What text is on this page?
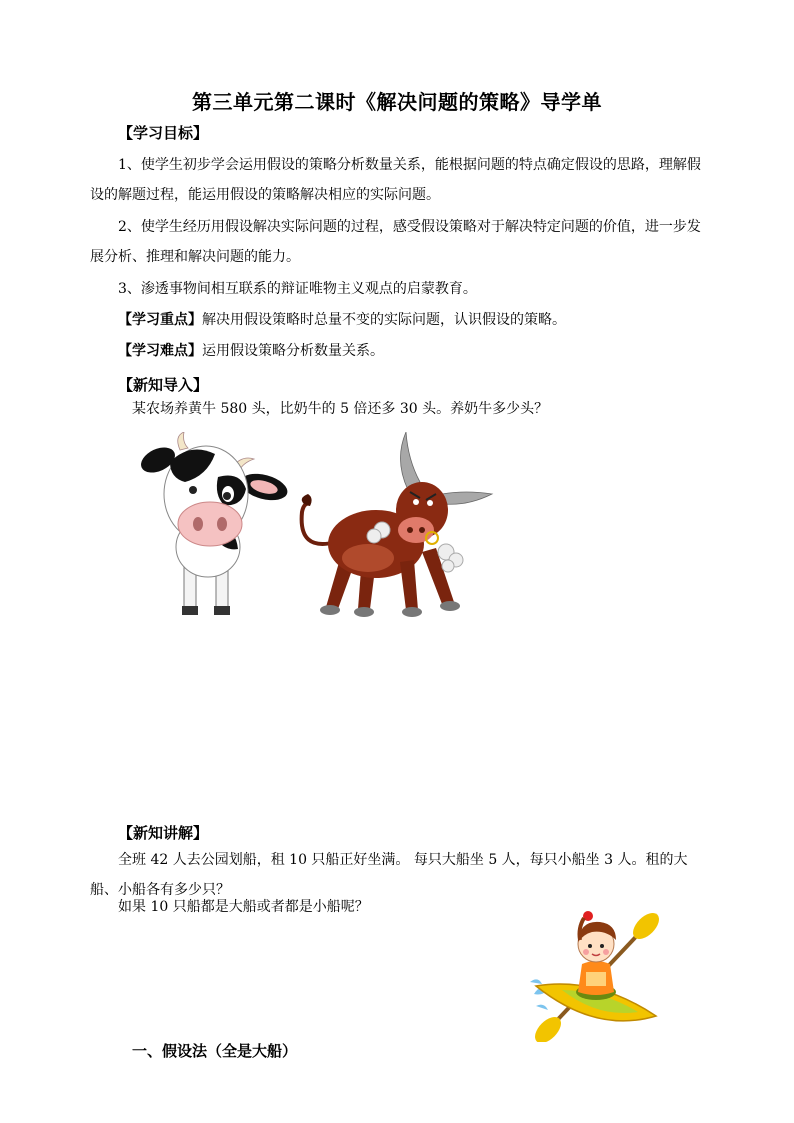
第三单元第二课时《解决问题的策略》导学单
【学习目标】
1、使学生初步学会运用假设的策略分析数量关系，能根据问题的特点确定假设的思路，理解假设的解题过程，能运用假设的策略解决相应的实际问题。
2、使学生经历用假设解决实际问题的过程，感受假设策略对于解决特定问题的价值，进一步发展分析、推理和解决问题的能力。
3、渗透事物间相互联系的辩证唯物主义观点的启蒙教育。
【学习重点】解决用假设策略时总量不变的实际问题，认识假设的策略。
【学习难点】运用假设策略分析数量关系。
【新知导入】
某农场养黄牛 580 头，比奶牛的 5 倍还多 30 头。养奶牛多少头？
【新知讲解】
全班 42 人去公园划船，租 10 只船正好坐满。 每只大船坐 5 人，每只小船坐 3 人。租的大船、小船各有多少只？
如果 10 只船都是大船或者都是小船呢？
一、假设法（全是大船）
